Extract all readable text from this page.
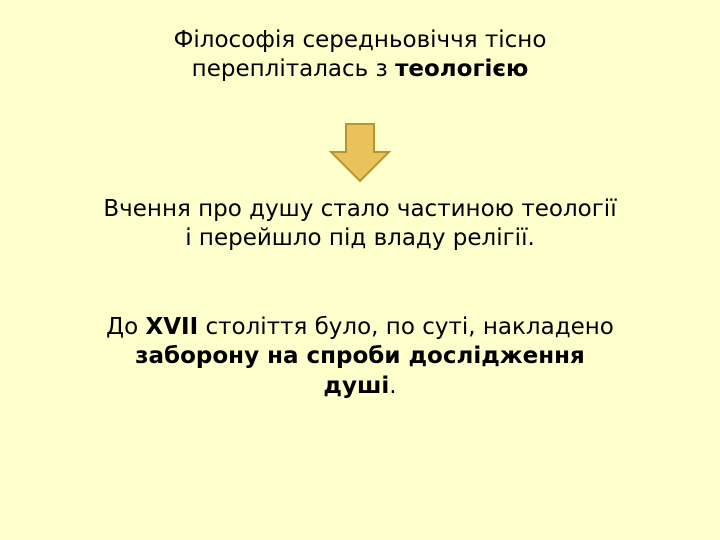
Філософія середньовіччя тісно
перепліталась з теологією
Вчення про душу стало частиною теології
і перейшло під владу релігії.
До XVII століття було, по суті, накладено
заборону на спроби дослідження
душі.
